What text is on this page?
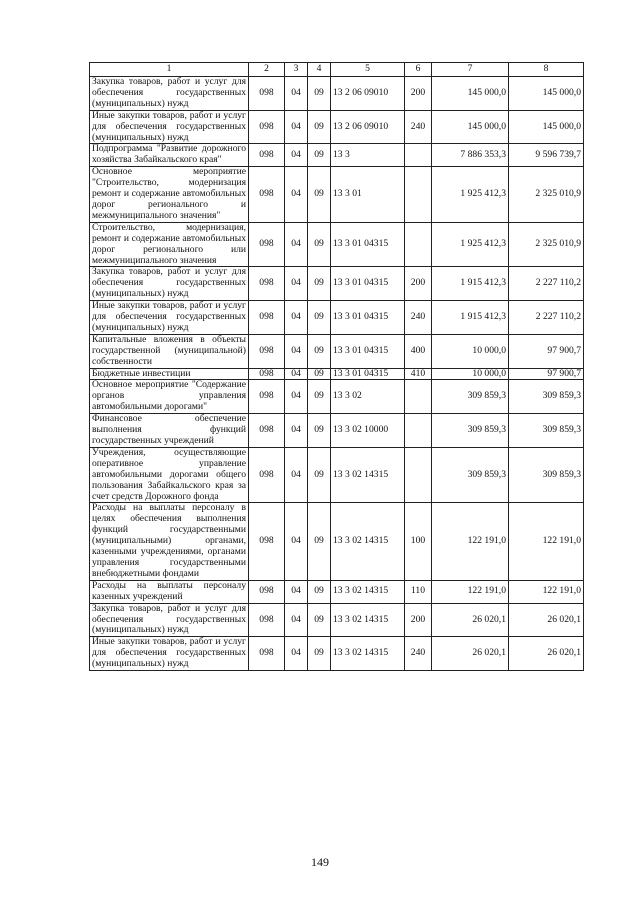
1	2	3	4	5	6	7	8
Закупка товаров, работ и услуг для обеспечения государственных (муниципальных) нужд	098	04	09	13 2 06 09010	200	145 000,0	145 000,0
Иные закупки товаров, работ и услуг для обеспечения государственных (муниципальных) нужд	098	04	09	13 2 06 09010	240	145 000,0	145 000,0
Подпрограмма "Развитие дорожного хозяйства Забайкальского края"	098	04	09	13 3		7 886 353,3	9 596 739,7
Основное мероприятие "Строительство, модернизация ремонт и содержание автомобильных дорог регионального и межмуниципального значения"	098	04	09	13 3 01		1 925 412,3	2 325 010,9
Строительство, модернизация, ремонт и содержание автомобильных дорог регионального или межмуниципального значения	098	04	09	13 3 01 04315		1 925 412,3	2 325 010,9
Закупка товаров, работ и услуг для обеспечения государственных (муниципальных) нужд	098	04	09	13 3 01 04315	200	1 915 412,3	2 227 110,2
Иные закупки товаров, работ и услуг для обеспечения государственных (муниципальных) нужд	098	04	09	13 3 01 04315	240	1 915 412,3	2 227 110,2
Капитальные вложения в объекты государственной (муниципальной) собственности	098	04	09	13 3 01 04315	400	10 000,0	97 900,7
Бюджетные инвестиции	098	04	09	13 3 01 04315	410	10 000,0	97 900,7
Основное мероприятие "Содержание органов управления автомобильными дорогами"	098	04	09	13 3 02		309 859,3	309 859,3
Финансовое обеспечение выполнения функций государственных учреждений	098	04	09	13 3 02 10000		309 859,3	309 859,3
Учреждения, осуществляющие оперативное управление автомобильными дорогами общего пользования Забайкальского края за счет средств Дорожного фонда	098	04	09	13 3 02 14315		309 859,3	309 859,3
Расходы на выплаты персоналу в целях обеспечения выполнения функций государственными (муниципальными) органами, казенными учреждениями, органами управления государственными внебюджетными фондами	098	04	09	13 3 02 14315	100	122 191,0	122 191,0
Расходы на выплаты персоналу казенных учреждений	098	04	09	13 3 02 14315	110	122 191,0	122 191,0
Закупка товаров, работ и услуг для обеспечения государственных (муниципальных) нужд	098	04	09	13 3 02 14315	200	26 020,1	26 020,1
Иные закупки товаров, работ и услуг для обеспечения государственных (муниципальных) нужд	098	04	09	13 3 02 14315	240	26 020,1	26 020,1
149
